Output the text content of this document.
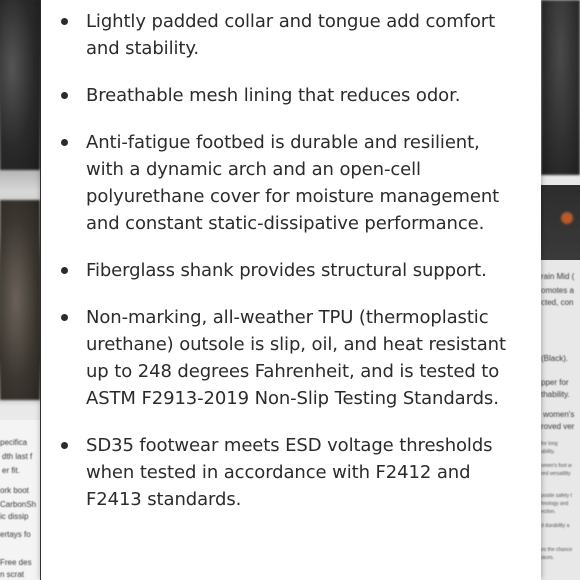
pecifica
dth last f
er fit.
ork boot
CarbonSh
ic dissip
ertays fo
Free des
n scrat
rain Mid (
omotes a
cted, con
(Black).
pper for
thability.
women's
roved ver
for long
ability.
omen's foot w
red versatility
posite safety t
hnology and
ection.
d durability a
es the chance
laces.
Lightly padded collar and tongue add comfort and stability.
Breathable mesh lining that reduces odor.
Anti-fatigue footbed is durable and resilient, with a dynamic arch and an open-cell polyurethane cover for moisture management and constant static-dissipative performance.
Fiberglass shank provides structural support.
Non-marking, all-weather TPU (thermoplastic urethane) outsole is slip, oil, and heat resistant up to 248 degrees Fahrenheit, and is tested to ASTM F2913-2019 Non-Slip Testing Standards.
SD35 footwear meets ESD voltage thresholds when tested in accordance with F2412 and F2413 standards.
